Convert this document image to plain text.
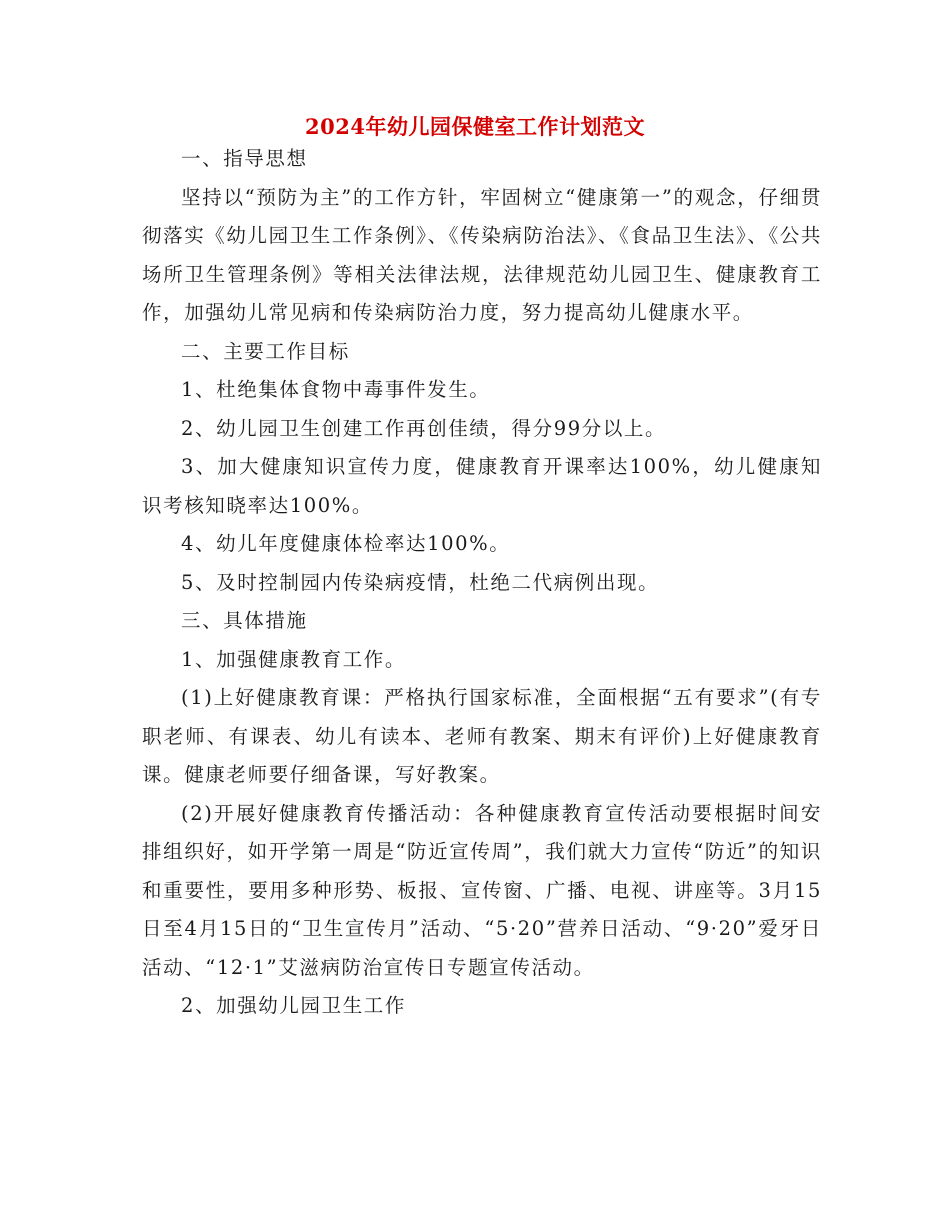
2024年幼儿园保健室工作计划范文

一、指导思想

坚持以“预防为主”的工作方针，牢固树立“健康第一”的观念，仔细贯彻落实《幼儿园卫生工作条例》、《传染病防治法》、《食品卫生法》、《公共场所卫生管理条例》等相关法律法规，法律规范幼儿园卫生、健康教育工作，加强幼儿常见病和传染病防治力度，努力提高幼儿健康水平。

二、主要工作目标

1、杜绝集体食物中毒事件发生。

2、幼儿园卫生创建工作再创佳绩，得分99分以上。

3、加大健康知识宣传力度，健康教育开课率达100%，幼儿健康知识考核知晓率达100%。

4、幼儿年度健康体检率达100%。

5、及时控制园内传染病疫情，杜绝二代病例出现。

三、具体措施

1、加强健康教育工作。

(1)上好健康教育课：严格执行国家标准，全面根据“五有要求”(有专职老师、有课表、幼儿有读本、老师有教案、期末有评价)上好健康教育课。健康老师要仔细备课，写好教案。

(2)开展好健康教育传播活动：各种健康教育宣传活动要根据时间安排组织好，如开学第一周是“防近宣传周”，我们就大力宣传“防近”的知识和重要性，要用多种形势、板报、宣传窗、广播、电视、讲座等。3月15日至4月15日的“卫生宣传月”活动、“5·20”营养日活动、“9·20”爱牙日活动、“12·1”艾滋病防治宣传日专题宣传活动。

2、加强幼儿园卫生工作
